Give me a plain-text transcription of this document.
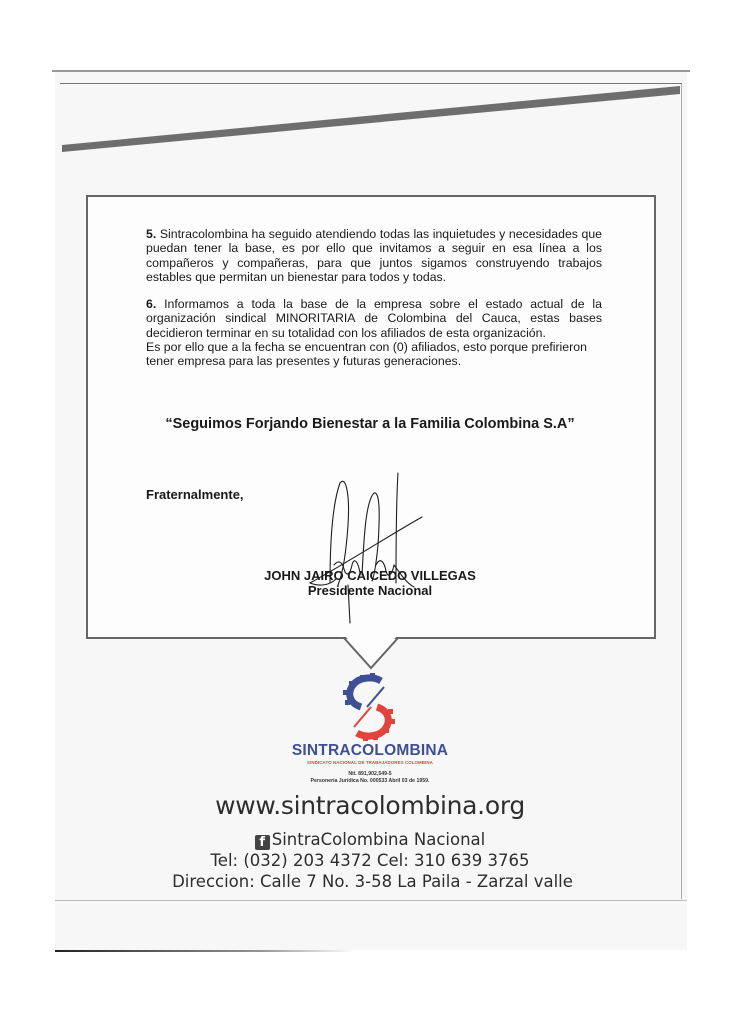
5. Sintracolombina ha seguido atendiendo todas las inquietudes y necesidades que puedan tener la base, es por ello que invitamos a seguir en esa línea a los compañeros y compañeras, para que juntos sigamos construyendo trabajos estables que permitan un bienestar para todos y todas.

6. Informamos a toda la base de la empresa sobre el estado actual de la organización sindical MINORITARIA de Colombina del Cauca, estas bases decidieron terminar en su totalidad con los afiliados de esta organización.

Es por ello que a la fecha se encuentran con (0) afiliados, esto porque prefirieron tener empresa para las presentes y futuras generaciones.

“Seguimos Forjando Bienestar a la Familia Colombina S.A”
Fraternalmente,
JOHN JAIRO CAICEDO VILLEGAS
Presidente Nacional
SINTRACOLOMBINA
SINDICATO NACIONAL DE TRABAJADORES COLOMBINA
Nit. 891,902,549-5
Personería Jurídica No. 000533 Abril 03 de 1959.
www.sintracolombina.org
f SintraColombina Nacional
Tel: (032) 203 4372 Cel: 310 639 3765
Direccion: Calle 7 No. 3-58 La Paila - Zarzal valle
